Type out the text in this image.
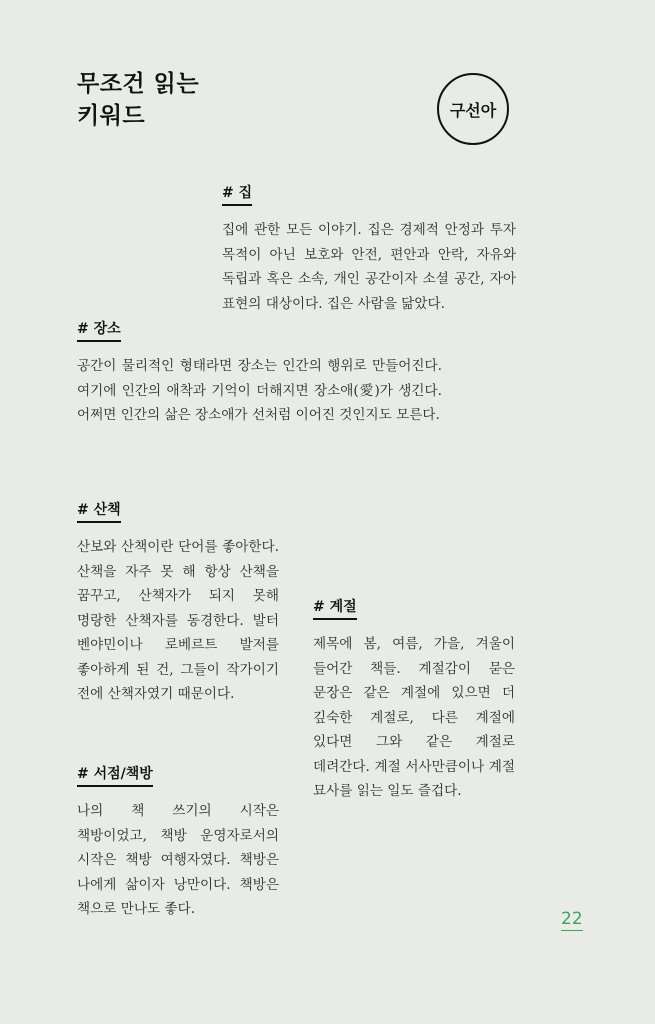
무조건 읽는
키워드	구선아
# 집
집에 관한 모든 이야기. 집은 경제적 안정과 투자 목적이 아닌 보호와 안전, 편안과 안락, 자유와 독립과 혹은 소속, 개인 공간이자 소셜 공간, 자아 표현의 대상이다. 집은 사람을 닮았다.
# 장소
공간이 물리적인 형태라면 장소는 인간의 행위로 만들어진다. 여기에 인간의 애착과 기억이 더해지면 장소애(愛)가 생긴다. 어쩌면 인간의 삶은 장소애가 선처럼 이어진 것인지도 모른다.
# 산책
산보와 산책이란 단어를 좋아한다. 산책을 자주 못 해 항상 산책을 꿈꾸고, 산책자가 되지 못해 명랑한 산책자를 동경한다. 발터 벤야민이나 로베르트 발저를 좋아하게 된 건, 그들이 작가이기 전에 산책자였기 때문이다.
# 계절
제목에 봄, 여름, 가을, 겨울이 들어간 책들. 계절감이 묻은 문장은 같은 계절에 있으면 더 깊숙한 계절로, 다른 계절에 있다면 그와 같은 계절로 데려간다. 계절 서사만큼이나 계절 묘사를 읽는 일도 즐겁다.
# 서점/책방
나의 책 쓰기의 시작은 책방이었고, 책방 운영자로서의 시작은 책방 여행자였다. 책방은 나에게 삶이자 낭만이다. 책방은 책으로 만나도 좋다.	22
